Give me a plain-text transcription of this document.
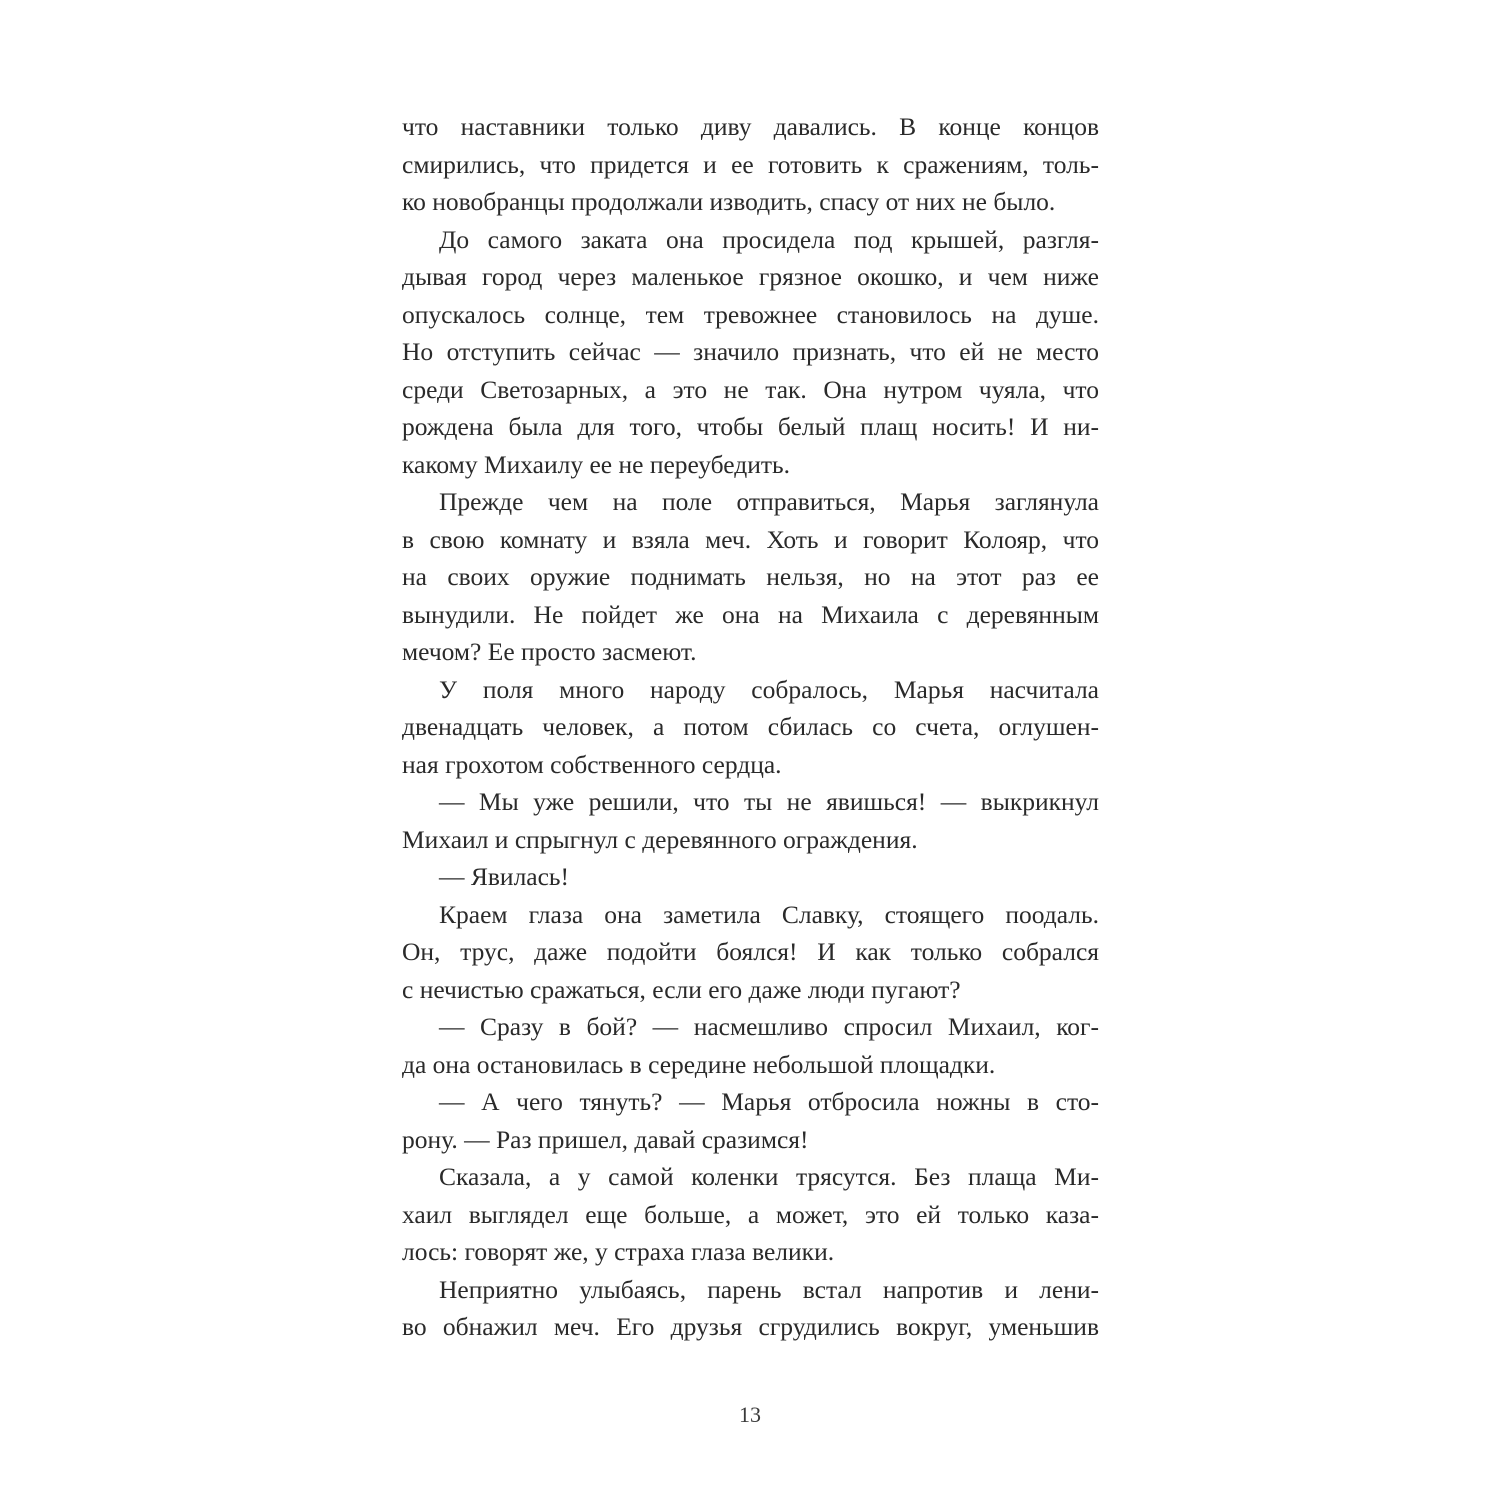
что наставники только диву давались. В конце концов
смирились, что придется и ее готовить к сражениям, толь-
ко новобранцы продолжали изводить, спасу от них не было.
До самого заката она просидела под крышей, разгля-
дывая город через маленькое грязное окошко, и чем ниже
опускалось солнце, тем тревожнее становилось на душе.
Но отступить сейчас — значило признать, что ей не место
среди Светозарных, а это не так. Она нутром чуяла, что
рождена была для того, чтобы белый плащ носить! И ни-
какому Михаилу ее не переубедить.
Прежде чем на поле отправиться, Марья заглянула
в свою комнату и взяла меч. Хоть и говорит Колояр, что
на своих оружие поднимать нельзя, но на этот раз ее
вынудили. Не пойдет же она на Михаила с деревянным
мечом? Ее просто засмеют.
У поля много народу собралось, Марья насчитала
двенадцать человек, а потом сбилась со счета, оглушен-
ная грохотом собственного сердца.
— Мы уже решили, что ты не явишься! — выкрикнул
Михаил и спрыгнул с деревянного ограждения.
— Явилась!
Краем глаза она заметила Славку, стоящего поодаль.
Он, трус, даже подойти боялся! И как только собрался
с нечистью сражаться, если его даже люди пугают?
— Сразу в бой? — насмешливо спросил Михаил, ког-
да она остановилась в середине небольшой площадки.
— А чего тянуть? — Марья отбросила ножны в сто-
рону. — Раз пришел, давай сразимся!
Сказала, а у самой коленки трясутся. Без плаща Ми-
хаил выглядел еще больше, а может, это ей только каза-
лось: говорят же, у страха глаза велики.
Неприятно улыбаясь, парень встал напротив и лени-
во обнажил меч. Его друзья сгрудились вокруг, уменьшив
13
